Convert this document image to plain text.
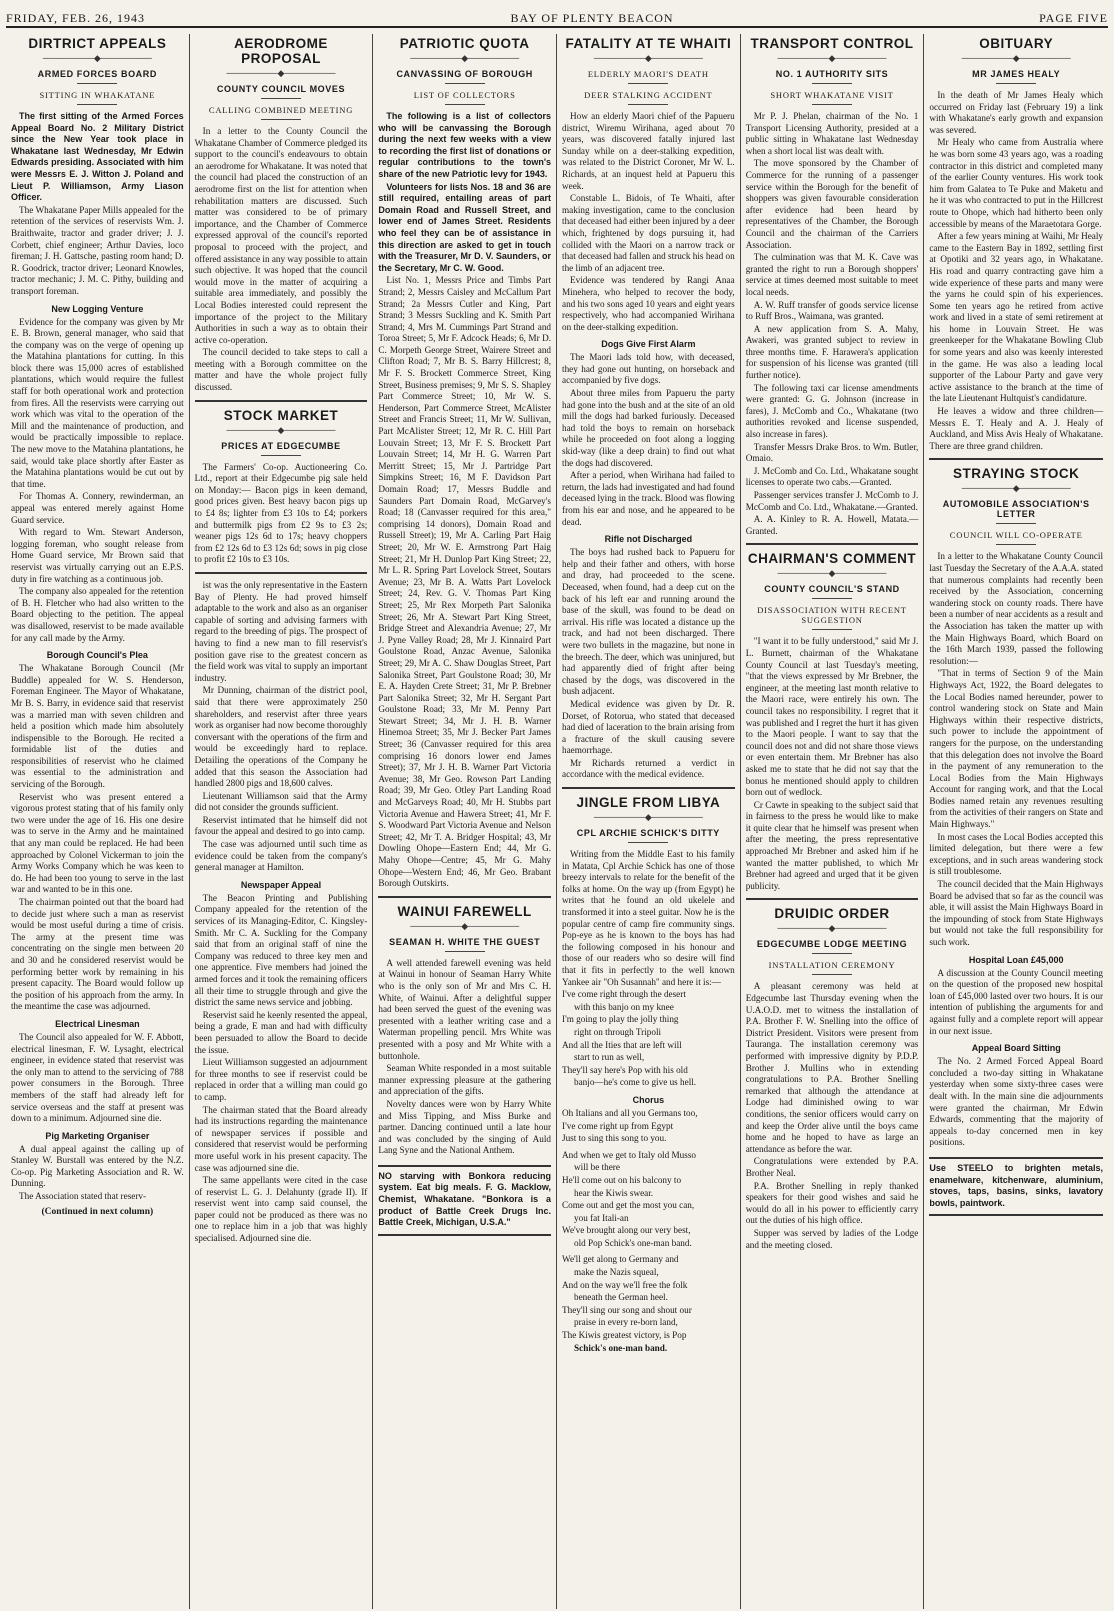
FRIDAY, FEB. 26, 1943	BAY OF PLENTY BEACON	PAGE FIVE
DIRTRICT APPEALS
────────◆────────
ARMED FORCES BOARD
SITTING IN WHAKATANE

The first sitting of the Armed Forces Appeal Board No. 2 Military District since the New Year took place in Whakatane last Wednesday, Mr Edwin Edwards presiding. Associated with him were Messrs E. J. Witton J. Poland and Lieut P. Williamson, Army Liason Officer.

The Whakatane Paper Mills appealed for the retention of the services of reservists Wm. J. Braithwaite, tractor and grader driver; J. J. Corbett, chief engineer; Arthur Davies, loco fireman; J. H. Gattsche, pasting room hand; D. R. Goodrick, tractor driver; Leonard Knowles, tractor mechanic; J. M. C. Pithy, building and transport foreman.

New Logging Venture

Evidence for the company was given by Mr E. B. Brown, general manager, who said that the company was on the verge of opening up the Matahina plantations for cutting. In this block there was 15,000 acres of established plantations, which would require the fullest staff for both operational work and protection from fires. All the reservists were carrying out work which was vital to the operation of the Mill and the maintenance of production, and would be practically impossible to replace. The new move to the Matahina plantations, he said, would take place shortly after Easter as the Matahina plantations would be cut out by that time.

For Thomas A. Connery, rewinderman, an appeal was entered merely against Home Guard service.

With regard to Wm. Stewart Anderson, logging foreman, who sought release from Home Guard service, Mr Brown said that reservist was virtually carrying out an E.P.S. duty in fire watching as a continuous job.

The company also appealed for the retention of B. H. Fletcher who had also written to the Board objecting to the petition. The appeal was disallowed, reservist to be made available for any call made by the Army.

Borough Council's Plea

The Whakatane Borough Council (Mr Buddle) appealed for W. S. Henderson, Foreman Engineer. The Mayor of Whakatane, Mr B. S. Barry, in evidence said that reservist was a married man with seven children and held a position which made him absolutely indispensible to the Borough. He recited a formidable list of the duties and responsibilities of reservist who he claimed was essential to the administration and servicing of the Borough.

Reservist who was present entered a vigorous protest stating that of his family only two were under the age of 16. His one desire was to serve in the Army and he maintained that any man could be replaced. He had been approached by Colonel Vickerman to join the Army Works Company which he was keen to do. He had been too young to serve in the last war and wanted to be in this one.

The chairman pointed out that the board had to decide just where such a man as reservist would be most useful during a time of crisis. The army at the present time was concentrating on the single men between 20 and 30 and he considered reservist would be performing better work by remaining in his present capacity. The Board would follow up the position of his approach from the army. In the meantime the case was adjourned.

Electrical Linesman

The Council also appealed for W. F. Abbott, electrical linesman, F. W. Lysaght, electrical engineer, in evidence stated that reservist was the only man to attend to the servicing of 788 power consumers in the Borough. Three members of the staff had already left for service overseas and the staff at present was down to a minimum. Adjourned sine die.

Pig Marketing Organiser

A dual appeal against the calling up of Stanley W. Burstall was entered by the N.Z. Co-op. Pig Marketing Association and R. W. Dunning.

The Association stated that reserv-

(Continued in next column)
AERODROME PROPOSAL
────────◆────────
COUNTY COUNCIL MOVES
CALLING COMBINED MEETING

In a letter to the County Council the Whakatane Chamber of Commerce pledged its support to the council's endeavours to obtain an aerodrome for Whakatane. It was noted that the council had placed the construction of an aerodrome first on the list for attention when rehabilitation matters are discussed. Such matter was considered to be of primary importance, and the Chamber of Commerce expressed approval of the council's reported proposal to proceed with the project, and offered assistance in any way possible to attain such objective. It was hoped that the council would move in the matter of acquiring a suitable area immediately, and possibly the Local Bodies interested could represent the importance of the project to the Military Authorities in such a way as to obtain their active co-operation.

The council decided to take steps to call a meeting with a Borough committee on the matter and have the whole project fully discussed.

STOCK MARKET
────────◆────────
PRICES AT EDGECUMBE

The Farmers' Co-op. Auctioneering Co. Ltd., report at their Edgecumbe pig sale held on Monday:— Bacon pigs in keen demand, good prices given. Best heavy bacon pigs up to £4 8s; lighter from £3 10s to £4; porkers and buttermilk pigs from £2 9s to £3 2s; weaner pigs 12s 6d to 17s; heavy choppers from £2 12s 6d to £3 12s 6d; sows in pig close to profit £2 10s to £3 10s.

ist was the only representative in the Eastern Bay of Plenty. He had proved himself adaptable to the work and also as an organiser capable of sorting and advising farmers with regard to the breeding of pigs. The prospect of having to find a new man to fill reservist's position gave rise to the greatest concern as the field work was vital to supply an important industry.

Mr Dunning, chairman of the district pool, said that there were approximately 250 shareholders, and reservist after three years work as organiser had now become thoroughly conversant with the operations of the firm and would be exceedingly hard to replace. Detailing the operations of the Company he added that this season the Association had handled 2800 pigs and 18,600 calves.

Lieutenant Williamson said that the Army did not consider the grounds sufficient.

Reservist intimated that he himself did not favour the appeal and desired to go into camp.

The case was adjourned until such time as evidence could be taken from the company's general manager at Hamilton.

Newspaper Appeal

The Beacon Printing and Publishing Company appealed for the retention of the services of its Managing-Editor, C. Kingsley-Smith. Mr C. A. Suckling for the Company said that from an original staff of nine the Company was reduced to three key men and one apprentice. Five members had joined the armed forces and it took the remaining officers all their time to struggle through and give the district the same news service and jobbing.

Reservist said he keenly resented the appeal, being a grade, E man and had with difficulty been persuaded to allow the Board to decide the issue.

Lieut Williamson suggested an adjournment for three months to see if reservist could be replaced in order that a willing man could go to camp.

The chairman stated that the Board already had its instructions regarding the maintenance of newspaper services if possible and considered that reservist would be performing more useful work in his present capacity. The case was adjourned sine die.

The same appellants were cited in the case of reservist L. G. J. Delahunty (grade II). If reservist went into camp said counsel, the paper could not be produced as there was no one to replace him in a job that was highly specialised. Adjourned sine die.

PATRIOTIC QUOTA
────────◆────────
CANVASSING OF BOROUGH
LIST OF COLLECTORS

The following is a list of collectors who will be canvassing the Borough during the next few weeks with a view to recording the first list of donations or regular contributions to the town's share of the new Patriotic levy for 1943.

Volunteers for lists Nos. 18 and 36 are still required, entailing areas of part Domain Road and Russell Street, and lower end of James Street. Residents who feel they can be of assistance in this direction are asked to get in touch with the Treasurer, Mr D. V. Saunders, or the Secretary, Mr C. W. Good.

List No. 1, Messrs Price and Timbs Part Strand; 2, Messrs Caisley and McCallum Part Strand; 2a Messrs Cutler and King, Part Strand; 3 Messrs Suckling and K. Smith Part Strand; 4, Mrs M. Cummings Part Strand and Toroa Street; 5, Mr F. Adcock Heads; 6, Mr D. C. Morpeth George Street, Wairere Street and Clifton Road; 7, Mr B. S. Barry Hillcrest; 8, Mr F. S. Brockett Commerce Street, King Street, Business premises; 9, Mr S. S. Shapley Part Commerce Street; 10, Mr W. S. Henderson, Part Commerce Street, McAlister Street and Francis Street; 11, Mr W. Sullivan, Part McAlister Street; 12, Mr R. C. Hill Part Louvain Street; 13, Mr F. S. Brockett Part Louvain Street; 14, Mr H. G. Warren Part Merritt Street; 15, Mr J. Partridge Part Simpkins Street; 16, M F. Davidson Part Domain Road; 17, Messrs Buddle and Saunders Part Domain Road, McGarvey's Road; 18 (Canvasser required for this area," comprising 14 donors), Domain Road and Russell Street); 19, Mr A. Carling Part Haig Street; 20, Mr W. E. Armstrong Part Haig Street; 21, Mr H. Dunlop Part King Street; 22, Mr L. R. Spring Part Lovelock Street, Soutars Avenue; 23, Mr B. A. Watts Part Lovelock Street; 24, Rev. G. V. Thomas Part King Street; 25, Mr Rex Morpeth Part Salonika Street; 26, Mr A. Stewart Part King Street, Bridge Street and Alexandria Avenue; 27, Mr J. Pyne Valley Road; 28, Mr J. Kinnaird Part Goulstone Road, Anzac Avenue, Salonika Street; 29, Mr A. C. Shaw Douglas Street, Part Salonika Street, Part Goulstone Road; 30, Mr E. A. Hayden Crete Street; 31, Mr P. Brebner Part Salonika Street; 32, Mr H. Sergant Part Goulstone Road; 33, Mr M. Penny Part Stewart Street; 34, Mr J. H. B. Warner Hinemoa Street; 35, Mr J. Becker Part James Street; 36 (Canvasser required for this area comprising 16 donors lower end James Street); 37, Mr J. H. B. Warner Part Victoria Avenue; 38, Mr Geo. Rowson Part Landing Road; 39, Mr Geo. Otley Part Landing Road and McGarveys Road; 40, Mr H. Stubbs part Victoria Avenue and Hawera Street; 41, Mr F. S. Woodward Part Victoria Avenue and Nelson Street; 42, Mr T. A. Bridger Hospital; 43, Mr Dowling Ohope—Eastern End; 44, Mr G. Mahy Ohope—Centre; 45, Mr G. Mahy Ohope—Western End; 46, Mr Geo. Brabant Borough Outskirts.

WAINUI FAREWELL
────────◆────────
SEAMAN H. WHITE THE GUEST

A well attended farewell evening was held at Wainui in honour of Seaman Harry White who is the only son of Mr and Mrs C. H. White, of Wainui. After a delightful supper had been served the guest of the evening was presented with a leather writing case and a Waterman propelling pencil. Mrs White was presented with a posy and Mr White with a buttonhole.

Seaman White responded in a most suitable manner expressing pleasure at the gathering and appreciation of the gifts.

Novelty dances were won by Harry White and Miss Tipping, and Miss Burke and partner. Dancing continued until a late hour and was concluded by the singing of Auld Lang Syne and the National Anthem.

NO starving with Bonkora reducing system. Eat big meals. F. G. Macklow, Chemist, Whakatane. "Bonkora is a product of Battle Creek Drugs Inc. Battle Creek, Michigan, U.S.A."

FATALITY AT TE WHAITI
────────◆────────
ELDERLY MAORI'S DEATH
DEER STALKING ACCIDENT

How an elderly Maori chief of the Papueru district, Wiremu Wirihana, aged about 70 years, was discovered fatally injured last Sunday while on a deer-stalking expedition, was related to the District Coroner, Mr W. L. Richards, at an inquest held at Papueru this week.

Constable L. Bidois, of Te Whaiti, after making investigation, came to the conclusion that deceased had either been injured by a deer which, frightened by dogs pursuing it, had collided with the Maori on a narrow track or that deceased had fallen and struck his head on the limb of an adjacent tree.

Evidence was tendered by Rangi Anaa Minehera, who helped to recover the body, and his two sons aged 10 years and eight years respectively, who had accompanied Wirihana on the deer-stalking expedition.

Dogs Give First Alarm

The Maori lads told how, with deceased, they had gone out hunting, on horseback and accompanied by five dogs.

About three miles from Papueru the party had gone into the bush and at the site of an old mill the dogs had barked furiously. Deceased had told the boys to remain on horseback while he proceeded on foot along a logging skid-way (like a deep drain) to find out what the dogs had discovered.

After a period, when Wirihana had failed to return, the lads had investigated and had found deceased lying in the track. Blood was flowing from his ear and nose, and he appeared to be dead.

Rifle not Discharged

The boys had rushed back to Papueru for help and their father and others, with horse and dray, had proceeded to the scene. Deceased, when found, had a deep cut on the back of his left ear and running around the base of the skull, was found to be dead on arrival. His rifle was located a distance up the track, and had not been discharged. There were two bullets in the magazine, but none in the breech. The deer, which was uninjured, but had apparently died of fright after being chased by the dogs, was discovered in the bush adjacent.

Medical evidence was given by Dr. R. Dorset, of Rotorua, who stated that deceased had died of laceration to the brain arising from a fracture of the skull causing severe haemorrhage.

Mr Richards returned a verdict in accordance with the medical evidence.

JINGLE FROM LIBYA
────────◆────────
CPL ARCHIE SCHICK'S DITTY

Writing from the Middle East to his family in Matata, Cpl Archie Schick has one of those breezy intervals to relate for the benefit of the folks at home. On the way up (from Egypt) he writes that he found an old ukelele and transformed it into a steel guitar. Now he is the popular centre of camp fire community sings. Pop-eye as he is known to the boys has had the following composed in his honour and those of our readers who so desire will find that it fits in perfectly to the well known Yankee air "Oh Susannah" and here it is:—

I've come right through the desert

with this banjo on my knee

I'm going to play the jolly thing

right on through Tripoli

And all the Ities that are left will

start to run as well,

They'll say here's Pop with his old

banjo—he's come to give us hell.

Chorus

Oh Italians and all you Germans too,

I've come right up from Egypt

Just to sing this song to you.

And when we get to Italy old Musso

will be there

He'll come out on his balcony to

hear the Kiwis swear.

Come out and get the most you can,

you fat Itali-an

We've brought along our very best,

old Pop Schick's one-man band.

We'll get along to Germany and

make the Nazis squeal,

And on the way we'll free the folk

beneath the German heel.

They'll sing our song and shout our

praise in every re-born land,

The Kiwis greatest victory, is Pop

Schick's one-man band.

TRANSPORT CONTROL
────────◆────────
NO. 1 AUTHORITY SITS
SHORT WHAKATANE VISIT

Mr P. J. Phelan, chairman of the No. 1 Transport Licensing Authority, presided at a public sitting in Whakatane last Wednesday when a short local list was dealt with.

The move sponsored by the Chamber of Commerce for the running of a passenger service within the Borough for the benefit of shoppers was given favourable consideration after evidence had been heard by representatives of the Chamber, the Borough Council and the chairman of the Carriers Association.

The culmination was that M. K. Cave was granted the right to run a Borough shoppers' service at times deemed most suitable to meet local needs.

A. W. Ruff transfer of goods service license to Ruff Bros., Waimana, was granted.

A new application from S. A. Mahy, Awakeri, was granted subject to review in three months time. F. Harawera's application for suspension of his license was granted (till further notice).

The following taxi car license amendments were granted: G. G. Johnson (increase in fares), J. McComb and Co., Whakatane (two authorities revoked and license suspended, also increase in fares).

Transfer Messrs Drake Bros. to Wm. Butler, Omaio.

J. McComb and Co. Ltd., Whakatane sought licenses to operate two cabs.—Granted.

Passenger services transfer J. McComb to J. McComb and Co. Ltd., Whakatane.—Granted.

A. A. Kinley to R. A. Howell, Matata.—Granted.

CHAIRMAN'S COMMENT
────────◆────────
COUNTY COUNCIL'S STAND
DISASSOCIATION WITH RECENT SUGGESTION

"I want it to be fully understood," said Mr J. L. Burnett, chairman of the Whakatane County Council at last Tuesday's meeting, "that the views expressed by Mr Brebner, the engineer, at the meeting last month relative to the Maori race, were entirely his own. The council takes no responsibility. I regret that it was published and I regret the hurt it has given to the Maori people. I want to say that the council does not and did not share those views or even entertain them. Mr Brebner has also asked me to state that he did not say that the bonus he mentioned should apply to children born out of wedlock.

Cr Cawte in speaking to the subject said that in fairness to the press he would like to make it quite clear that he himself was present when after the meeting, the press representative approached Mr Brebner and asked him if he wanted the matter published, to which Mr Brebner had agreed and urged that it be given publicity.

DRUIDIC ORDER
────────◆────────
EDGECUMBE LODGE MEETING
INSTALLATION CEREMONY

A pleasant ceremony was held at Edgecumbe last Thursday evening when the U.A.O.D. met to witness the installation of P.A. Brother F. W. Snelling into the office of District President. Visitors were present from Tauranga. The installation ceremony was performed with impressive dignity by P.D.P. Brother J. Mullins who in extending congratulations to P.A. Brother Snelling remarked that although the attendance at Lodge had diminished owing to war conditions, the senior officers would carry on and keep the Order alive until the boys came home and he hoped to have as large an attendance as before the war.

Congratulations were extended by P.A. Brother Neal.

P.A. Brother Snelling in reply thanked speakers for their good wishes and said he would do all in his power to efficiently carry out the duties of his high office.

Supper was served by ladies of the Lodge and the meeting closed.

OBITUARY
────────◆────────
MR JAMES HEALY

In the death of Mr James Healy which occurred on Friday last (February 19) a link with Whakatane's early growth and expansion was severed.

Mr Healy who came from Australia where he was born some 43 years ago, was a roading contractor in this district and completed many of the earlier County ventures. His work took him from Galatea to Te Puke and Maketu and he it was who contracted to put in the Hillcrest route to Ohope, which had hitherto been only accessible by means of the Maraetotara Gorge.

After a few years mining at Waihi, Mr Healy came to the Eastern Bay in 1892, settling first at Opotiki and 32 years ago, in Whakatane. His road and quarry contracting gave him a wide experience of these parts and many were the yarns he could spin of his experiences. Some ten years ago he retired from active work and lived in a state of semi retirement at his home in Louvain Street. He was greenkeeper for the Whakatane Bowling Club for some years and also was keenly interested in the game. He was also a leading local supporter of the Labour Party and gave very active assistance to the branch at the time of the late Lieutenant Hultquist's candidature.

He leaves a widow and three children—Messrs E. T. Healy and A. J. Healy of Auckland, and Miss Avis Healy of Whakatane. There are three grand children.

STRAYING STOCK
────────◆────────
AUTOMOBILE ASSOCIATION'S LETTER
COUNCIL WILL CO-OPERATE

In a letter to the Whakatane County Council last Tuesday the Secretary of the A.A.A. stated that numerous complaints had recently been received by the Association, concerning wandering stock on county roads. There have been a number of near accidents as a result and the Association has taken the matter up with the Main Highways Board, which Board on the 16th March 1939, passed the following resolution:—

"That in terms of Section 9 of the Main Highways Act, 1922, the Board delegates to the Local Bodies named hereunder, power to control wandering stock on State and Main Highways within their respective districts, such power to include the appointment of rangers for the purpose, on the understanding that this delegation does not involve the Board in the payment of any remuneration to the Local Bodies from the Main Highways Account for ranging work, and that the Local Bodies named retain any revenues resulting from the activities of their rangers on State and Main Highways."

In most cases the Local Bodies accepted this limited delegation, but there were a few exceptions, and in such areas wandering stock is still troublesome.

The council decided that the Main Highways Board be advised that so far as the council was able, it will assist the Main Highways Board in the impounding of stock from State Highways but would not take the full responsibility for such work.

Hospital Loan £45,000

A discussion at the County Council meeting on the question of the proposed new hospital loan of £45,000 lasted over two hours. It is our intention of publishing the arguments for and against fully and a complete report will appear in our next issue.

Appeal Board Sitting

The No. 2 Armed Forced Appeal Board concluded a two-day sitting in Whakatane yesterday when some sixty-three cases were dealt with. In the main sine die adjournments were granted the chairman, Mr Edwin Edwards, commenting that the majority of appeals to-day concerned men in key positions.

Use STEELO to brighten metals, enamelware, kitchenware, aluminium, stoves, taps, basins, sinks, lavatory bowls, paintwork.
